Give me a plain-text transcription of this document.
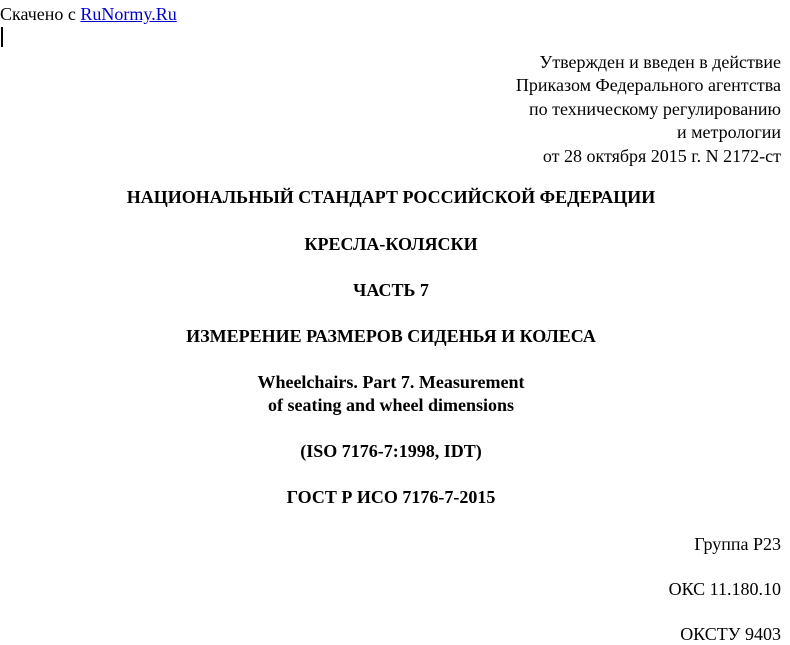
Скачено с RuNormy.Ru
Утвержден и введен в действие
Приказом Федерального агентства
по техническому регулированию
и метрологии
от 28 октября 2015 г. N 2172-ст
НАЦИОНАЛЬНЫЙ СТАНДАРТ РОССИЙСКОЙ ФЕДЕРАЦИИ
КРЕСЛА-КОЛЯСКИ
ЧАСТЬ 7
ИЗМЕРЕНИЕ РАЗМЕРОВ СИДЕНЬЯ И КОЛЕСА
Wheelchairs. Part 7. Measurement
of seating and wheel dimensions
(ISO 7176-7:1998, IDT)
ГОСТ Р ИСО 7176-7-2015
Группа Р23
ОКС 11.180.10
ОКСТУ 9403
